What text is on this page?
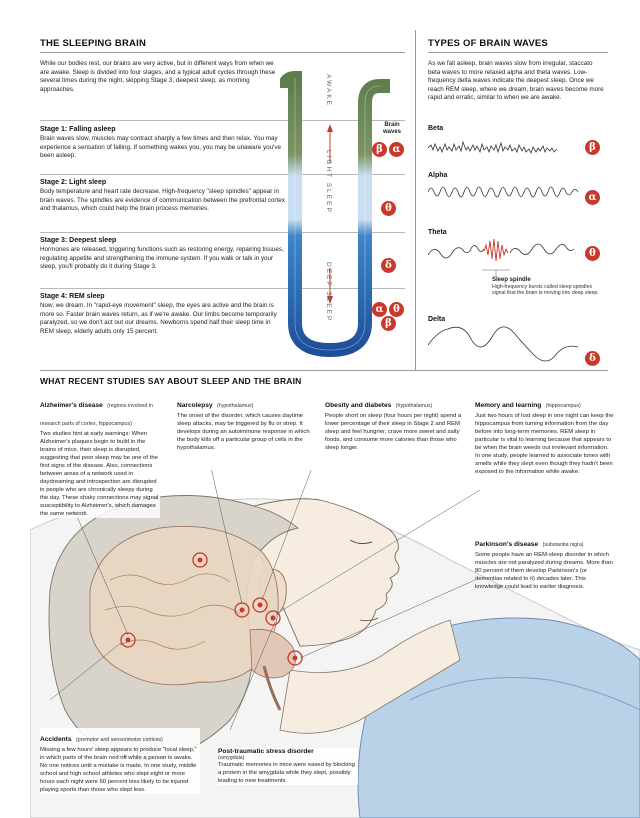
THE SLEEPING BRAIN

While our bodies rest, our brains are very active, but in different ways from when we are awake. Sleep is divided into four stages, and a typical adult cycles through these several times during the night, skipping Stage 3, deepest sleep, as morning approaches.

Stage 1: Falling asleep

Brain waves slow, muscles may contract sharply a few times and then relax. You may experience a sensation of falling. If something wakes you, you may be unaware you've been asleep.

Stage 2: Light sleep

Body temperature and heart rate decrease. High-frequency "sleep spindles" appear in brain waves. The spindles are evidence of communication between the prefrontal cortex and thalamus, which could help the brain process memories.

Stage 3: Deepest sleep

Hormones are released, triggering functions such as restoring energy, repairing tissues, regulating appetite and strengthening the immune system. If you walk or talk in your sleep, you'll probably do it during Stage 3.

Stage 4: REM sleep

Now, we dream. In "rapid-eye movement" sleep, the eyes are active and the brain is more so. Faster brain waves return, as if we're awake. Our limbs become temporarily paralyzed, so we don't act out our dreams. Newborns spend half their sleep time in REM sleep, elderly adults only 15 percent.

AWAKE
LIGHT SLEEP
DEEP SLEEP
Brain waves
β α
θ
δ
α θ
β
TYPES OF BRAIN WAVES

As we fall asleep, brain waves slow from irregular, staccato beta waves to more relaxed alpha and theta waves. Low-frequency delta waves indicate the deepest sleep. Once we reach REM sleep, where we dream, brain waves become more rapid and erratic, similar to when we are awake.

Beta
Alpha
Theta
Delta
Sleep spindle
High-frequency bursts called sleep spindles signal that the brain is moving into deep sleep.
β
α
θ
δ
WHAT RECENT STUDIES SAY ABOUT SLEEP AND THE BRAIN
Alzheimer's disease (regions involved in research parts of cortex, hippocampus)

Two studies hint at early warnings: When Alzheimer's plaques begin to build in the brains of mice, their sleep is disrupted, suggesting that poor sleep may be one of the first signs of the disease. Also, connections between areas of a network used in daydreaming and introspection are disrupted in people who are chronically sleepy during the day. These shaky connections may signal susceptibility to Alzheimer's, which damages the same network.

Narcolepsy (hypothalamus)

The onset of the disorder, which causes daytime sleep attacks, may be triggered by flu or strep. It develops during an autoimmune response in which the body kills off a particular group of cells in the hypothalamus.

Obesity and diabetes (hypothalamus)

People short on sleep (four hours per night) spend a lower percentage of their sleep in Stage 2 and REM sleep and feel hungrier, crave more sweet and salty foods, and consume more calories than those who sleep longer.

Memory and learning (hippocampus)

Just two hours of lost sleep in one night can keep the hippocampus from turning information from the day before into long-term memories. REM sleep in particular is vital to learning because that appears to be when the brain weeds out irrelevant information. In one study, people learned to associate tones with smells while they slept even though they hadn't been exposed to the information while awake.

Parkinson's disease (substantia nigra)

Some people have an REM-sleep disorder in which muscles are not paralyzed during dreams. More than 80 percent of them develop Parkinson's (or dementias related to it) decades later. This knowledge could lead to earlier diagnosis.

Accidents (premotor and sensorimotor cortices)

Missing a few hours' sleep appears to produce "local sleep," in which parts of the brain nod off while a person is awake. No one notices until a mistake is made. In one study, middle school and high school athletes who slept eight or more hours each night were 60 percent less likely to be injured playing sports than those who slept less.

Post-traumatic stress disorder
(amygdala)

Traumatic memories in mice were eased by blocking a protein in the amygdala while they slept, possibly leading to new treatments.
